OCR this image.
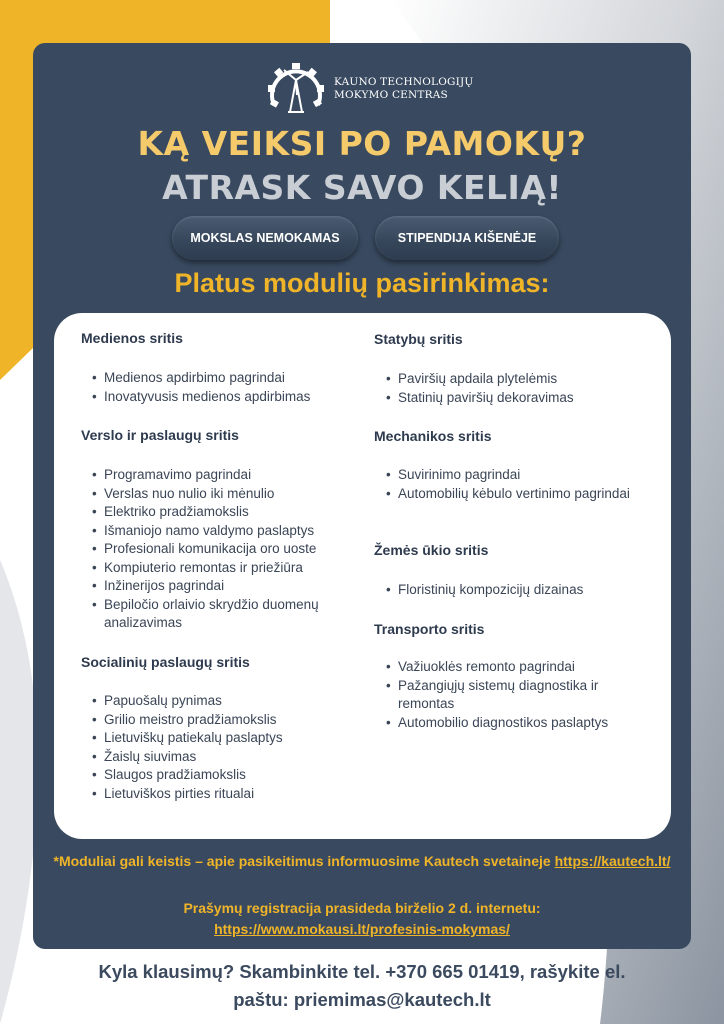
KAUNO TECHNOLOGIJŲ
MOKYMO CENTRAS
KĄ VEIKSI PO PAMOKŲ?
ATRASK SAVO KELIĄ!
MOKSLAS NEMOKAMAS	STIPENDIJA KIŠENĖJE
Platus modulių pasirinkimas:
Medienos sritis
• Medienos apdirbimo pagrindai
• Inovatyvusis medienos apdirbimas
Verslo ir paslaugų sritis
• Programavimo pagrindai
• Verslas nuo nulio iki mėnulio
• Elektriko pradžiamokslis
• Išmaniojo namo valdymo paslaptys
• Profesionali komunikacija oro uoste
• Kompiuterio remontas ir priežiūra
• Inžinerijos pagrindai
• Bepiločio orlaivio skrydžio duomenų analizavimas
Socialinių paslaugų sritis
• Papuošalų pynimas
• Grilio meistro pradžiamokslis
• Lietuviškų patiekalų paslaptys
• Žaislų siuvimas
• Slaugos pradžiamokslis
• Lietuviškos pirties ritualai
Statybų sritis
• Paviršių apdaila plytelėmis
• Statinių paviršių dekoravimas
Mechanikos sritis
• Suvirinimo pagrindai
• Automobilių kėbulo vertinimo pagrindai
Žemės ūkio sritis
• Floristinių kompozicijų dizainas
Transporto sritis
• Važiuoklės remonto pagrindai
• Pažangiųjų sistemų diagnostika ir remontas
• Automobilio diagnostikos paslaptys
*Moduliai gali keistis – apie pasikeitimus informuosime Kautech svetaineje https://kautech.lt/
Prašymų registracija prasideda birželio 2 d. internetu:
https://www.mokausi.lt/profesinis-mokymas/
Kyla klausimų? Skambinkite tel. +370 665 01419, rašykite el.
paštu: priemimas@kautech.lt
